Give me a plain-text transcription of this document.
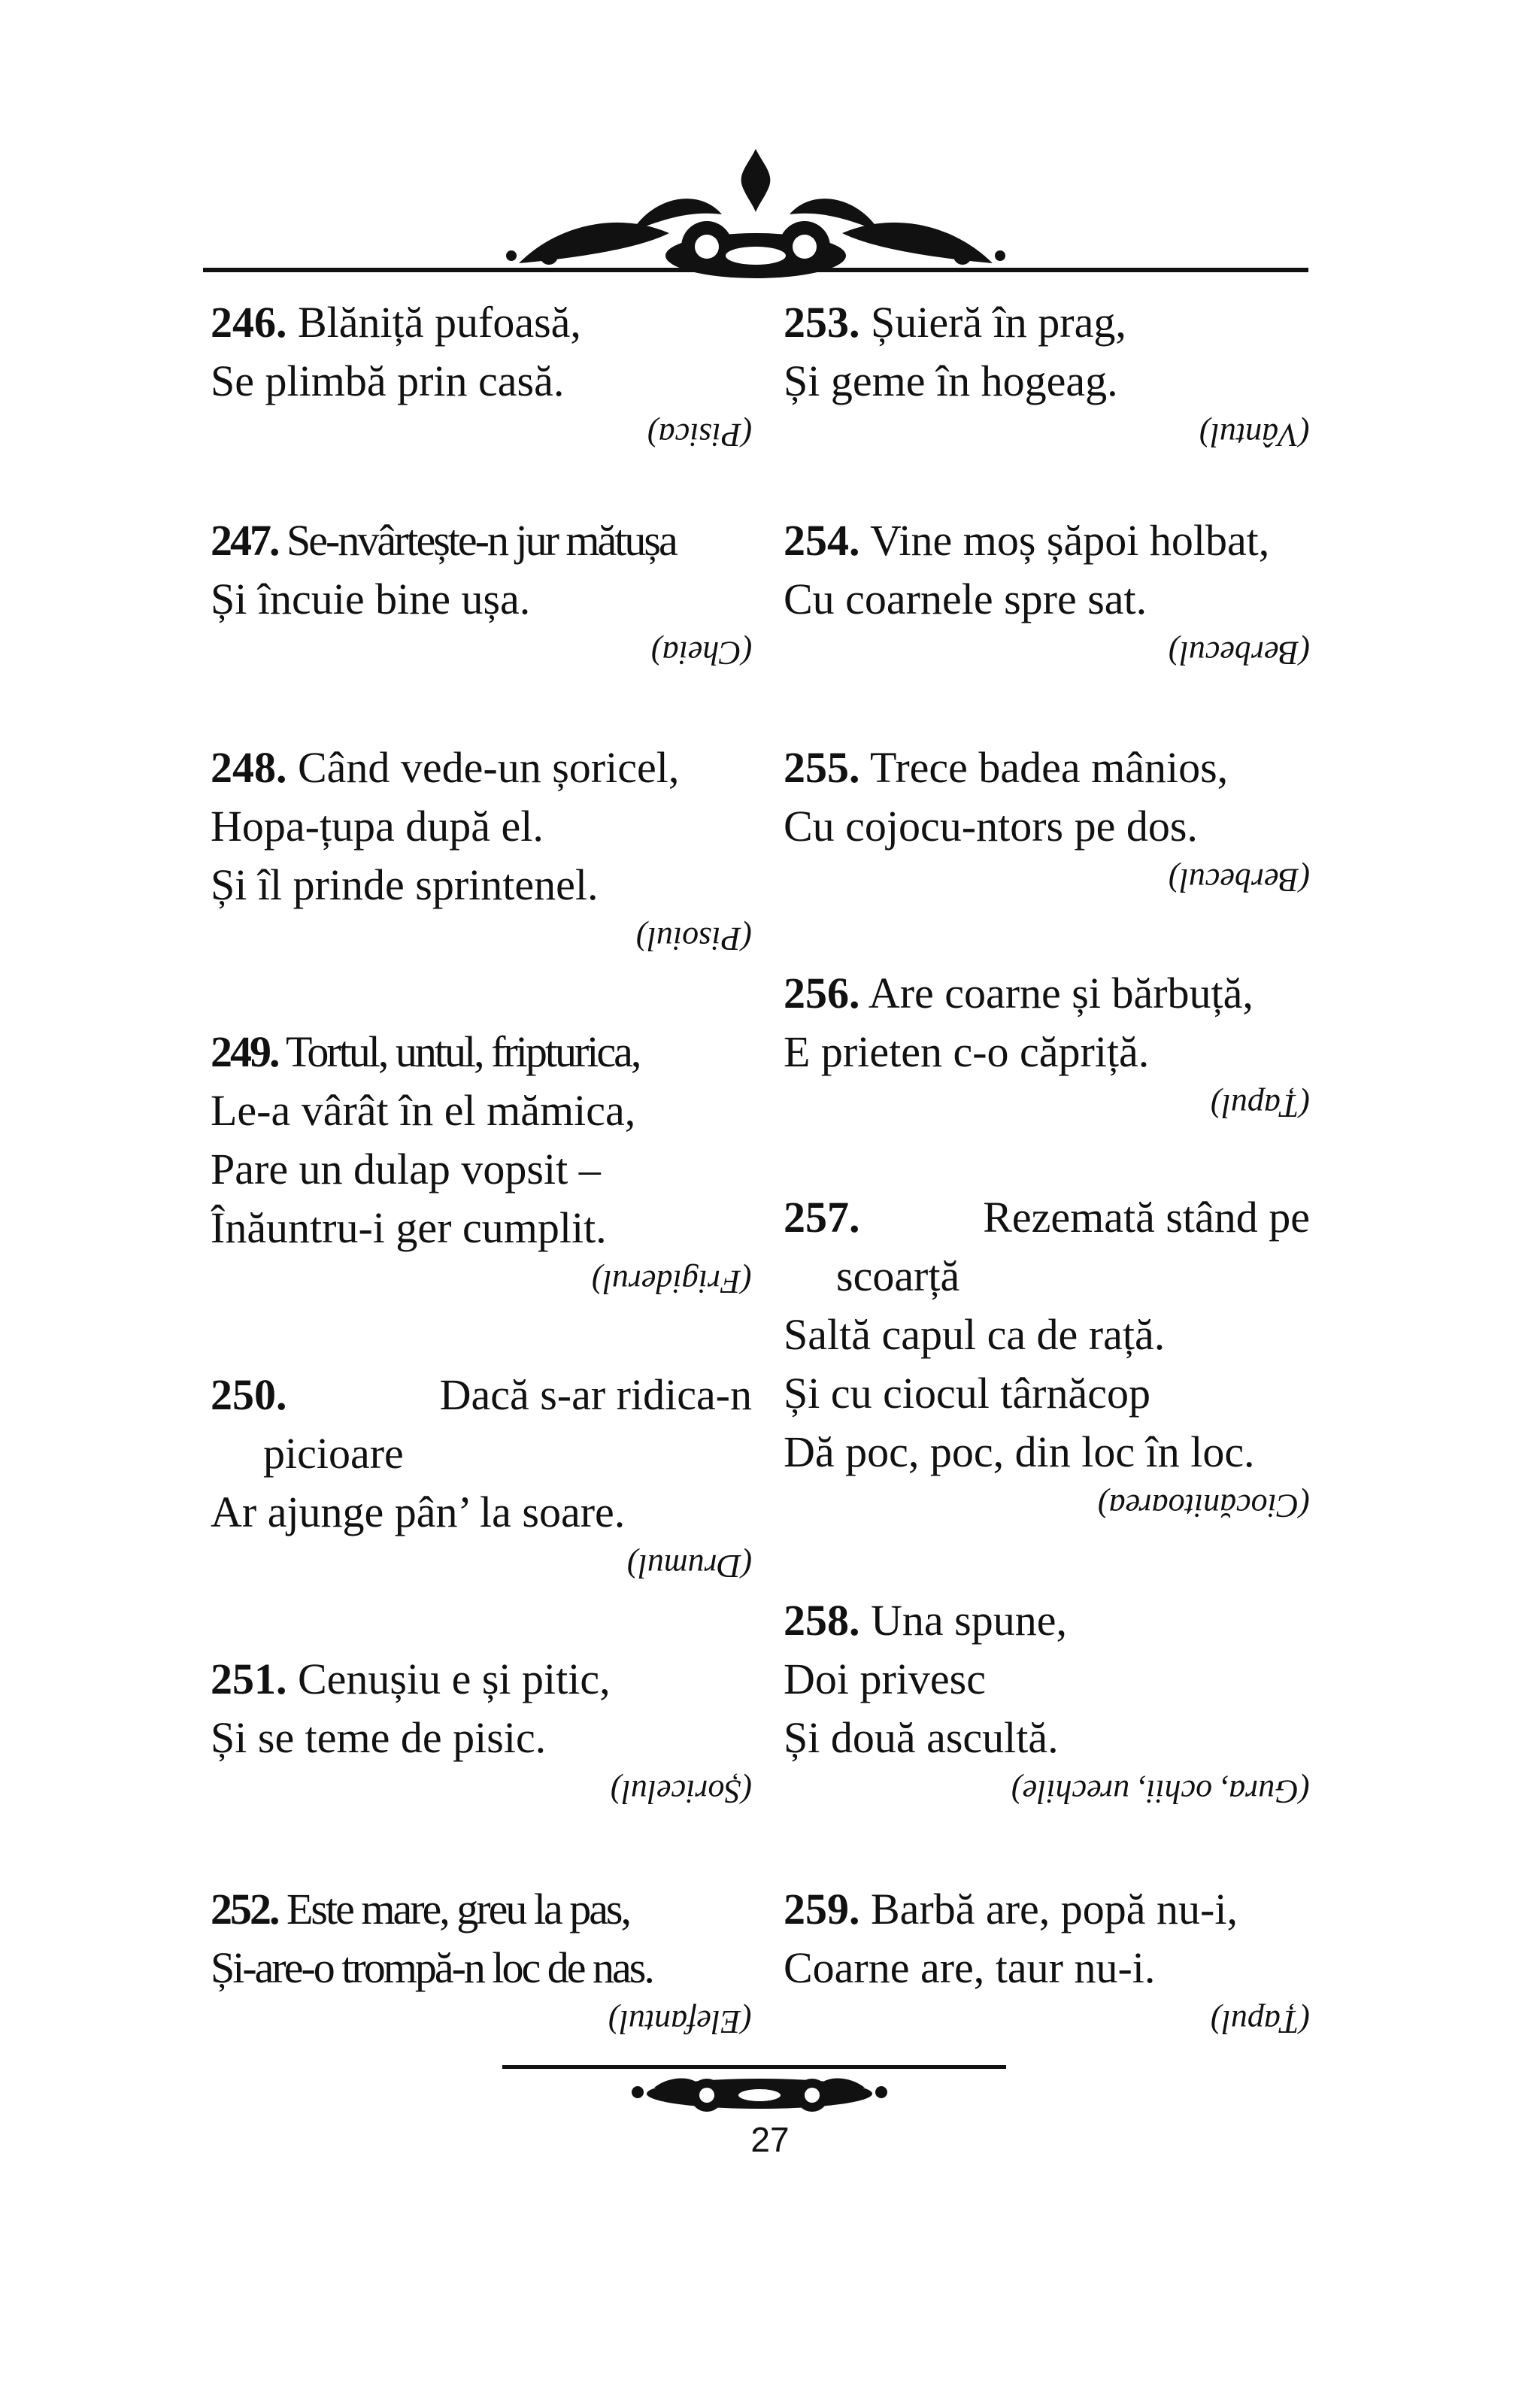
246. Blăniță pufoasă,
Se plimbă prin casă.
(Pisica)
247. Se-nvârtește-n jur mătușa
Și încuie bine ușa.
(Cheia)
248. Când vede-un șoricel,
Hopa-țupa după el.
Și îl prinde sprintenel.
(Pisoiul)
249. Tortul, untul, fripturica,
Le-a vârât în el mămica,
Pare un dulap vopsit –
Înăuntru-i ger cumplit.
(Frigiderul)
250.	Dacă s-ar ridica-n
picioare
Ar ajunge pân’ la soare.
(Drumul)
251. Cenușiu e și pitic,
Și se teme de pisic.
(Șoricelul)
252. Este mare, greu la pas,
Și-are-o trompă-n loc de nas.
(Elefantul)
253. Șuieră în prag,
Și geme în hogeag.
(Vântul)
254. Vine moș șăpoi holbat,
Cu coarnele spre sat.
(Berbecul)
255. Trece badea mânios,
Cu cojocu-ntors pe dos.
(Berbecul)
256. Are coarne și bărbuță,
E prieten c-o căpriță.
(Țapul)
257.	Rezemată stând pe
scoarță
Saltă capul ca de rață.
Și cu ciocul târnăcop
Dă poc, poc, din loc în loc.
(Ciocănitoarea)
258. Una spune,
Doi privesc
Și două ascultă.
(Gura, ochii, urechile)
259. Barbă are, popă nu-i,
Coarne are, taur nu-i.
(Țapul)
27
